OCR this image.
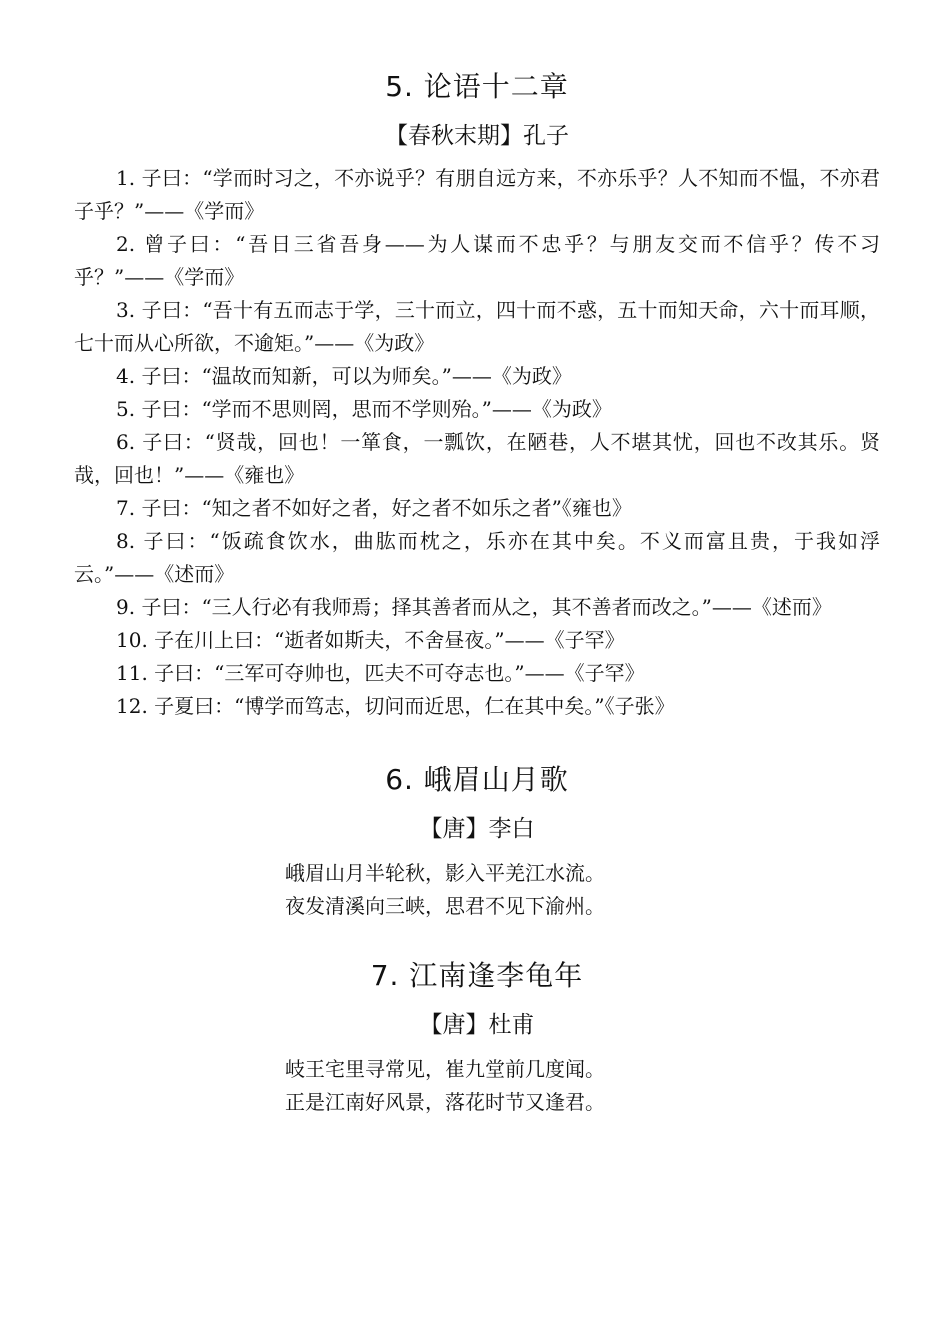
5. 论语十二章
【春秋末期】孔子

1. 子曰：“学而时习之，不亦说乎？有朋自远方来，不亦乐乎？人不知而不愠，不亦君子乎？”——《学而》

2. 曾子曰：“吾日三省吾身——为人谋而不忠乎？与朋友交而不信乎？传不习乎？”——《学而》

3. 子曰：“吾十有五而志于学，三十而立，四十而不惑，五十而知天命，六十而耳顺，七十而从心所欲，不逾矩。”——《为政》

4. 子曰：“温故而知新，可以为师矣。”——《为政》

5. 子曰：“学而不思则罔，思而不学则殆。”——《为政》

6. 子曰：“贤哉，回也！一箪食，一瓢饮，在陋巷，人不堪其忧，回也不改其乐。贤哉，回也！”——《雍也》

7. 子曰：“知之者不如好之者，好之者不如乐之者”《雍也》

8. 子曰：“饭疏食饮水，曲肱而枕之，乐亦在其中矣。不义而富且贵，于我如浮云。”——《述而》

9. 子曰：“三人行必有我师焉；择其善者而从之，其不善者而改之。”——《述而》

10. 子在川上曰：“逝者如斯夫，不舍昼夜。”——《子罕》

11. 子曰：“三军可夺帅也，匹夫不可夺志也。”——《子罕》

12. 子夏曰：“博学而笃志，切问而近思，仁在其中矣。”《子张》

6. 峨眉山月歌
【唐】李白

峨眉山月半轮秋，影入平羌江水流。

夜发清溪向三峡，思君不见下渝州。

7. 江南逢李龟年
【唐】杜甫

岐王宅里寻常见，崔九堂前几度闻。

正是江南好风景，落花时节又逢君。
